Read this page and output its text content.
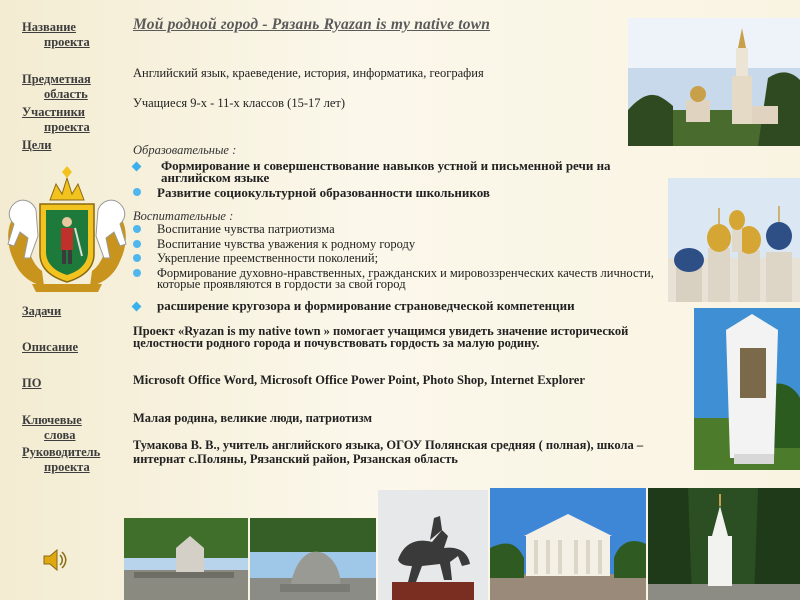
Название
проекта
Предметная
область
Участники
проекта
Цели
Задачи
Описание
ПО
Ключевые
слова
Руководитель
проекта
Мой родной город - Рязань Ryazan is my native town
Английский язык, краеведение, история, информатика, география
Учащиеся 9-х - 11-х классов (15-17 лет)
Образовательные :
Формирование и совершенствование навыков устной и письменной речи на английском языке
Развитие социокультурной образованности школьников
Воспитательные :
Воспитание чувства патриотизма
Воспитание чувства уважения к родному городу
Укрепление преемственности поколений;
Формирование духовно-нравственных, гражданских и мировоззренческих качеств личности, которые проявляются в гордости за свой город
расширение кругозора и формирование страноведческой компетенции
Проект «Ryazan is my native town » помогает учащимся увидеть значение исторической целостности родного города и почувствовать гордость за малую родину.
Microsoft Office Word, Microsoft Office Power Point, Photo Shop, Internet Explorer
Малая родина, великие люди, патриотизм
Тумакова В. В., учитель английского языка, ОГОУ Полянская средняя ( полная), школа – интернат с.Поляны, Рязанский район, Рязанская область
